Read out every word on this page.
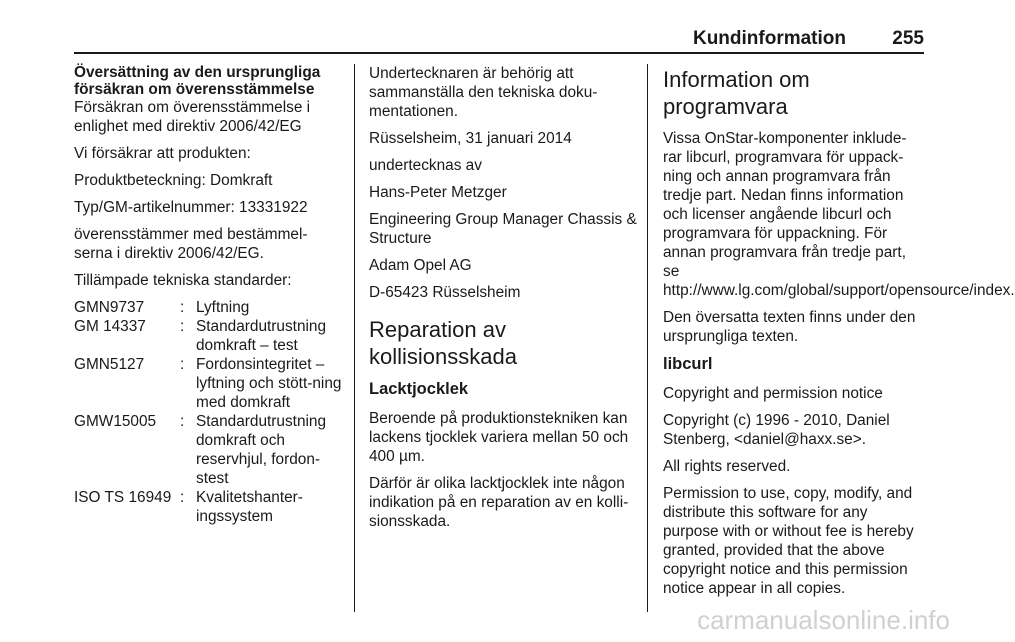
Kundinformation 255

Översättning av den ursprungliga försäkran om överensstämmelse

Försäkran om överensstämmelse i enlighet med direktiv 2006/42/EG

Vi försäkrar att produkten:

Produktbeteckning: Domkraft

Typ/GM-artikelnummer: 13331922

överensstämmer med bestämmel-serna i direktiv 2006/42/EG.

Tillämpade tekniska standarder:

GMN9737	:	Lyftning
GM 14337	:	Standardutrustning domkraft – test
GMN5127	:	Fordonsintegritet – lyftning och stött-ning med domkraft
GMW15005	:	Standardutrustning domkraft och reservhjul, fordon-stest
ISO TS 16949	:	Kvalitetshanter-ingssystem

Undertecknaren är behörig att sammanställa den tekniska doku-mentationen.

Rüsselsheim, 31 januari 2014

undertecknas av

Hans-Peter Metzger

Engineering Group Manager Chassis & Structure

Adam Opel AG

D-65423 Rüsselsheim

Reparation av kollisionsskada
Lacktjocklek

Beroende på produktionstekniken kan lackens tjocklek variera mellan 50 och 400 µm.

Därför är olika lacktjocklek inte någon indikation på en reparation av en kolli-sionsskada.

Information om programvara

Vissa OnStar-komponenter inklude-rar libcurl, programvara för uppack-ning och annan programvara från tredje part. Nedan finns information och licenser angående libcurl och programvara för uppackning. För annan programvara från tredje part, se http://www.lg.com/global/support/opensource/index.

Den översatta texten finns under den ursprungliga texten.

libcurl

Copyright and permission notice

Copyright (c) 1996 - 2010, Daniel Stenberg, <daniel@haxx.se>.

All rights reserved.

Permission to use, copy, modify, and distribute this software for any purpose with or without fee is hereby granted, provided that the above copyright notice and this permission notice appear in all copies.

carmanualsonline.info
